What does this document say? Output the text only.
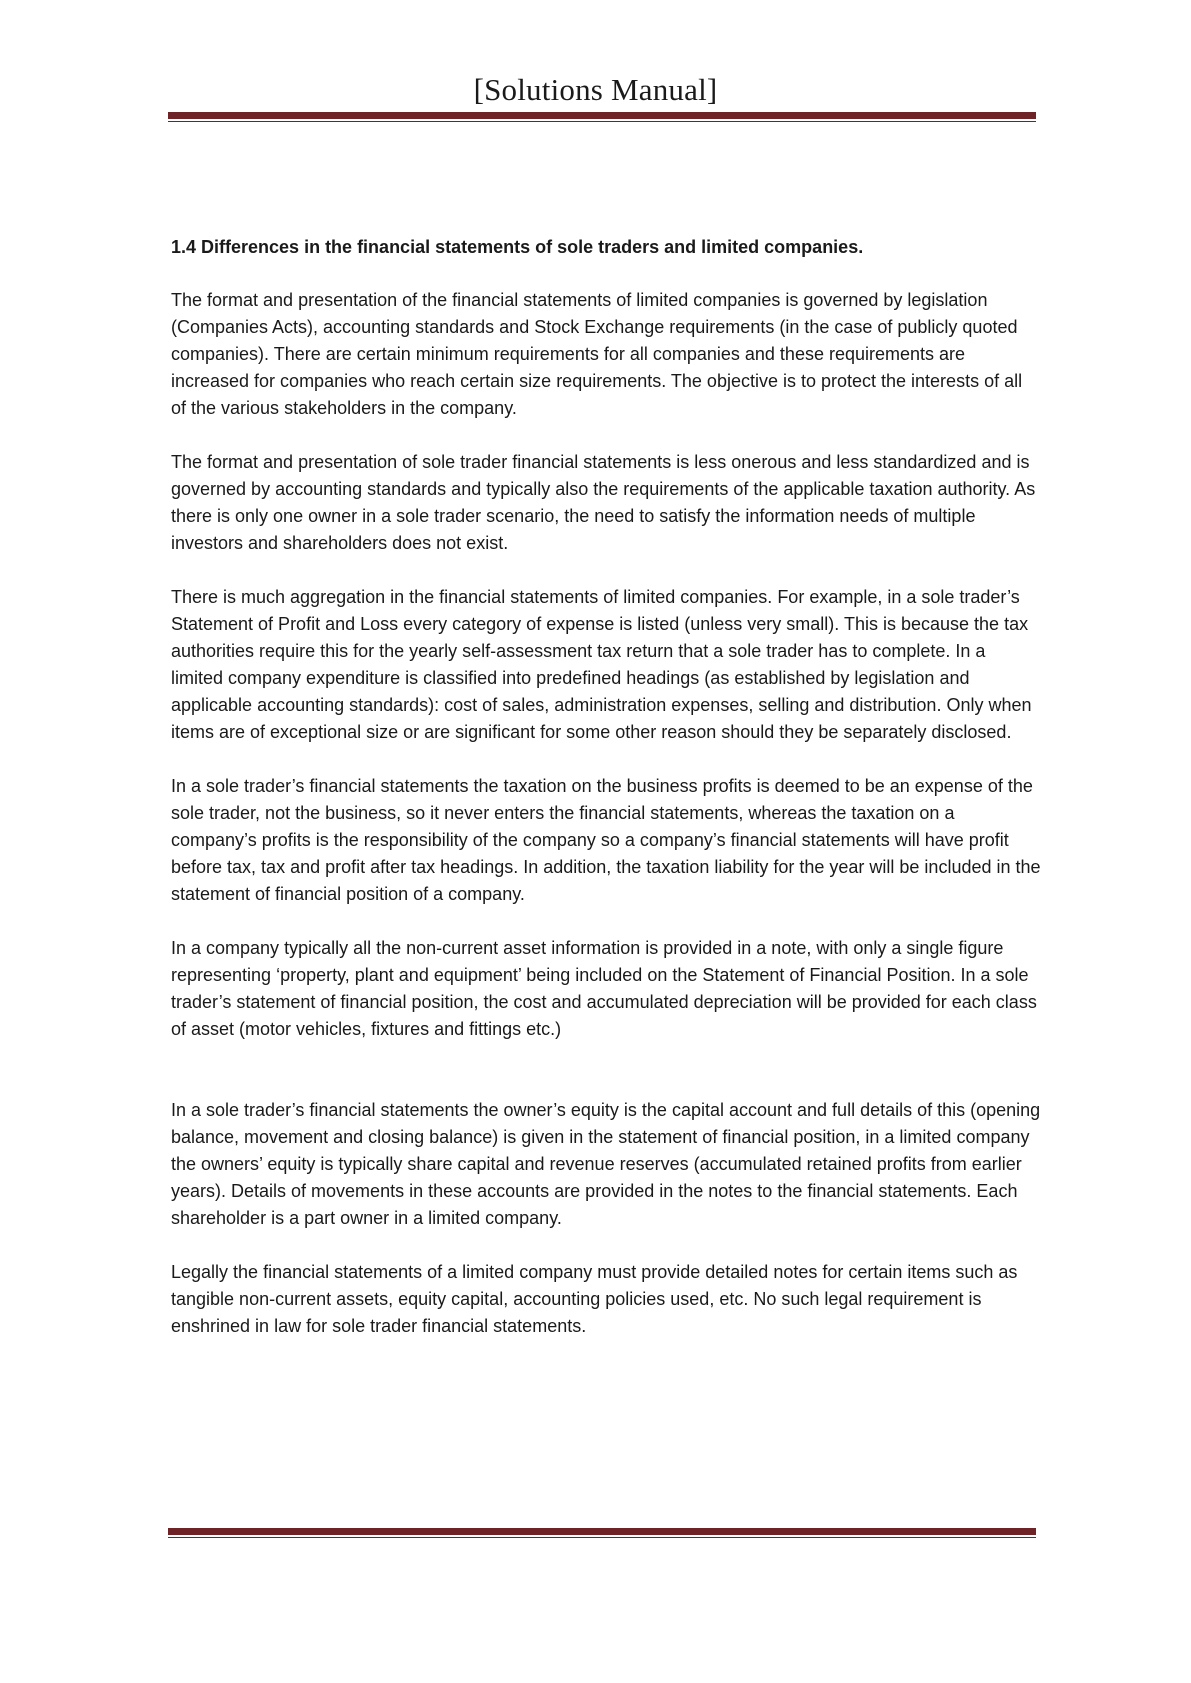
[Solutions Manual]

1.4 Differences in the financial statements of sole traders and limited companies.

The format and presentation of the financial statements of limited companies is governed by legislation (Companies Acts), accounting standards and Stock Exchange requirements (in the case of publicly quoted companies). There are certain minimum requirements for all companies and these requirements are increased for companies who reach certain size requirements. The objective is to protect the interests of all of the various stakeholders in the company.

The format and presentation of sole trader financial statements is less onerous and less standardized and is governed by accounting standards and typically also the requirements of the applicable taxation authority. As there is only one owner in a sole trader scenario, the need to satisfy the information needs of multiple investors and shareholders does not exist.

There is much aggregation in the financial statements of limited companies. For example, in a sole trader’s Statement of Profit and Loss every category of expense is listed (unless very small). This is because the tax authorities require this for the yearly self-assessment tax return that a sole trader has to complete. In a limited company expenditure is classified into predefined headings (as established by legislation and applicable accounting standards): cost of sales, administration expenses, selling and distribution. Only when items are of exceptional size or are significant for some other reason should they be separately disclosed.

In a sole trader’s financial statements the taxation on the business profits is deemed to be an expense of the sole trader, not the business, so it never enters the financial statements, whereas the taxation on a company’s profits is the responsibility of the company so a company’s financial statements will have profit before tax, tax and profit after tax headings. In addition, the taxation liability for the year will be included in the statement of financial position of a company.

In a company typically all the non-current asset information is provided in a note, with only a single figure representing ‘property, plant and equipment’ being included on the Statement of Financial Position. In a sole trader’s statement of financial position, the cost and accumulated depreciation will be provided for each class of asset (motor vehicles, fixtures and fittings etc.)

In a sole trader’s financial statements the owner’s equity is the capital account and full details of this (opening balance, movement and closing balance) is given in the statement of financial position, in a limited company the owners’ equity is typically share capital and revenue reserves (accumulated retained profits from earlier years). Details of movements in these accounts are provided in the notes to the financial statements. Each shareholder is a part owner in a limited company.

Legally the financial statements of a limited company must provide detailed notes for certain items such as tangible non-current assets, equity capital, accounting policies used, etc. No such legal requirement is enshrined in law for sole trader financial statements.
